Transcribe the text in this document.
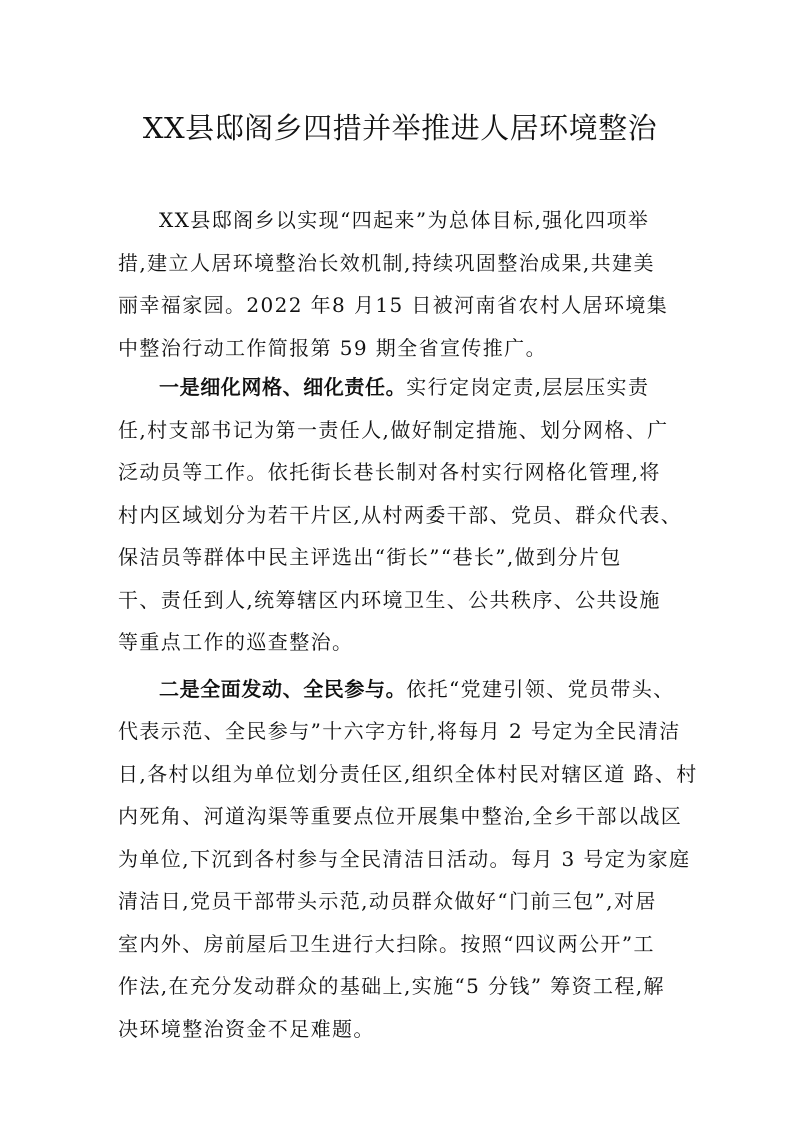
XX县邸阁乡四措并举推进人居环境整治

XX县邸阁乡以实现“四起来”为总体目标,强化四项举

措,建立人居环境整治长效机制,持续巩固整治成果,共建美

丽幸福家园。2022 年8 月15 日被河南省农村人居环境集

中整治行动工作简报第 59 期全省宣传推广。

一是细化网格、细化责任。实行定岗定责,层层压实责

任,村支部书记为第一责任人,做好制定措施、划分网格、广

泛动员等工作。依托街长巷长制对各村实行网格化管理,将

村内区域划分为若干片区,从村两委干部、党员、群众代表、

保洁员等群体中民主评选出“街长”“巷长”,做到分片包

干、责任到人,统筹辖区内环境卫生、公共秩序、公共设施

等重点工作的巡查整治。

二是全面发动、全民参与。依托“党建引领、党员带头、

代表示范、全民参与”十六字方针,将每月 2 号定为全民清洁

日,各村以组为单位划分责任区,组织全体村民对辖区道 路、村

内死角、河道沟渠等重要点位开展集中整治,全乡干部以战区

为单位,下沉到各村参与全民清洁日活动。每月 3 号定为家庭

清洁日,党员干部带头示范,动员群众做好“门前三包”,对居

室内外、房前屋后卫生进行大扫除。按照“四议两公开”工

作法,在充分发动群众的基础上,实施“5 分钱” 筹资工程,解

决环境整治资金不足难题。
